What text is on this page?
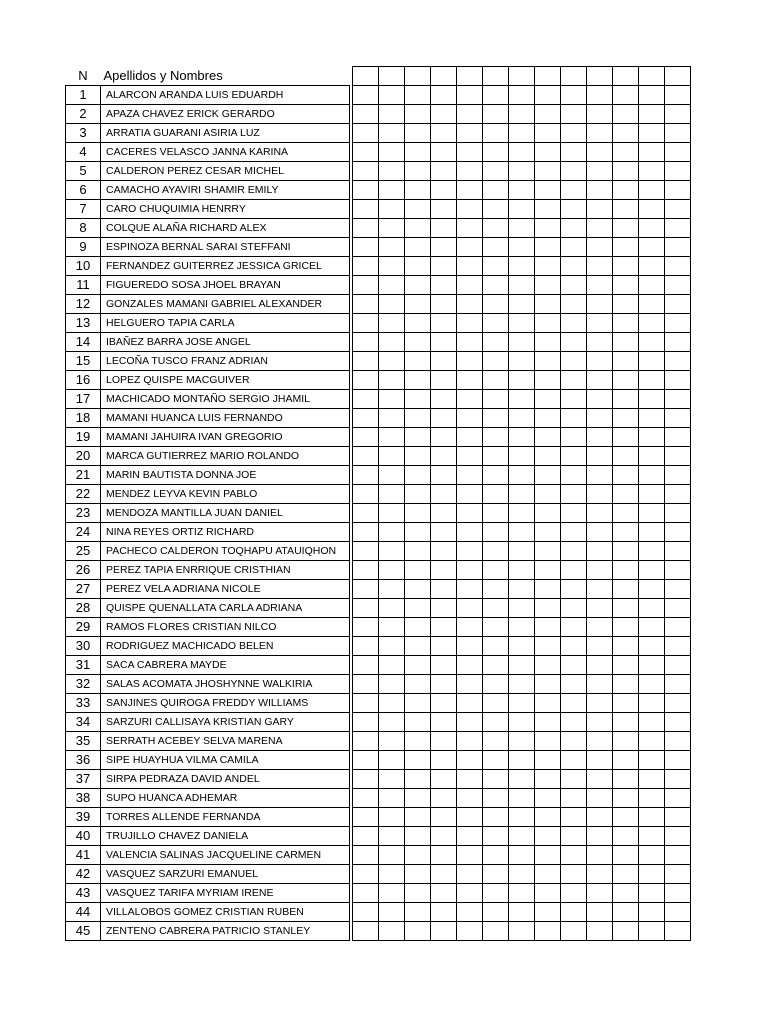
N	Apellidos y Nombres														
1	ALARCON ARANDA LUIS EDUARDH														
2	APAZA CHAVEZ ERICK GERARDO														
3	ARRATIA GUARANI ASIRIA LUZ														
4	CACERES VELASCO JANNA KARINA														
5	CALDERON PEREZ CESAR MICHEL														
6	CAMACHO AYAVIRI SHAMIR EMILY														
7	CARO CHUQUIMIA HENRRY														
8	COLQUE ALAÑA RICHARD ALEX														
9	ESPINOZA BERNAL SARAI STEFFANI														
10	FERNANDEZ GUITERREZ JESSICA GRICEL														
11	FIGUEREDO SOSA JHOEL BRAYAN														
12	GONZALES MAMANI GABRIEL ALEXANDER														
13	HELGUERO TAPIA CARLA														
14	IBAÑEZ BARRA JOSE ANGEL														
15	LECOÑA TUSCO FRANZ ADRIAN														
16	LOPEZ QUISPE MACGUIVER														
17	MACHICADO MONTAÑO SERGIO JHAMIL														
18	MAMANI HUANCA LUIS FERNANDO														
19	MAMANI JAHUIRA IVAN GREGORIO														
20	MARCA GUTIERREZ MARIO ROLANDO														
21	MARIN BAUTISTA DONNA JOE														
22	MENDEZ LEYVA KEVIN PABLO														
23	MENDOZA MANTILLA JUAN DANIEL														
24	NINA REYES ORTIZ RICHARD														
25	PACHECO CALDERON TOQHAPU ATAUIQHON														
26	PEREZ TAPIA ENRRIQUE CRISTHIAN														
27	PEREZ VELA ADRIANA NICOLE														
28	QUISPE QUENALLATA CARLA ADRIANA														
29	RAMOS FLORES CRISTIAN NILCO														
30	RODRIGUEZ MACHICADO BELEN														
31	SACA CABRERA MAYDE														
32	SALAS ACOMATA JHOSHYNNE WALKIRIA														
33	SANJINES QUIROGA FREDDY WILLIAMS														
34	SARZURI CALLISAYA KRISTIAN GARY														
35	SERRATH ACEBEY SELVA MARENA														
36	SIPE HUAYHUA VILMA CAMILA														
37	SIRPA PEDRAZA DAVID ANDEL														
38	SUPO HUANCA ADHEMAR														
39	TORRES ALLENDE FERNANDA														
40	TRUJILLO CHAVEZ DANIELA														
41	VALENCIA SALINAS JACQUELINE CARMEN														
42	VASQUEZ SARZURI EMANUEL														
43	VASQUEZ TARIFA MYRIAM IRENE														
44	VILLALOBOS GOMEZ CRISTIAN RUBEN														
45	ZENTENO CABRERA PATRICIO STANLEY														
